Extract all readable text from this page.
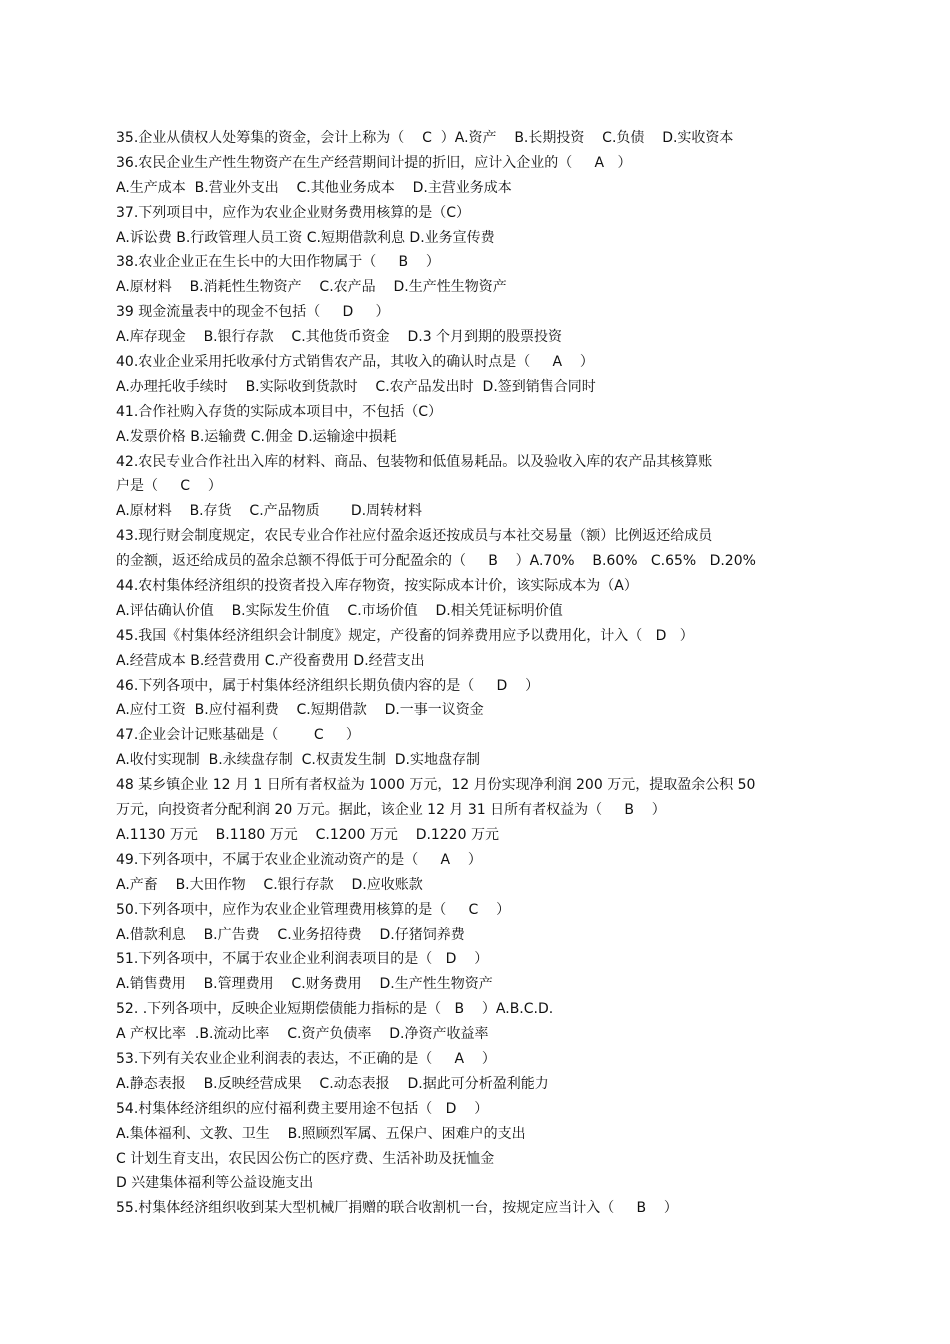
35.企业从债权人处筹集的资金，会计上称为（    C  ）A.资产    B.长期投资    C.负债    D.实收资本
36.农民企业生产性生物资产在生产经营期间计提的折旧，应计入企业的（     A   ）
A.生产成本  B.营业外支出    C.其他业务成本    D.主营业务成本
37.下列项目中，应作为农业企业财务费用核算的是（C）
A.诉讼费 B.行政管理人员工资 C.短期借款利息 D.业务宣传费
38.农业企业正在生长中的大田作物属于（     B    ）
A.原材料    B.消耗性生物资产    C.农产品    D.生产性生物资产
39 现金流量表中的现金不包括（     D     ）
A.库存现金    B.银行存款    C.其他货币资金    D.3 个月到期的股票投资
40.农业企业采用托收承付方式销售农产品，其收入的确认时点是（     A    ）
A.办理托收手续时    B.实际收到货款时    C.农产品发出时  D.签到销售合同时
41.合作社购入存货的实际成本项目中，不包括（C）
A.发票价格 B.运输费 C.佣金 D.运输途中损耗
42.农民专业合作社出入库的材料、商品、包装物和低值易耗品。以及验收入库的农产品其核算账
户是（     C    ）
A.原材料    B.存货    C.产品物质       D.周转材料
43.现行财会制度规定，农民专业合作社应付盈余返还按成员与本社交易量（额）比例返还给成员
的金额，返还给成员的盈余总额不得低于可分配盈余的（     B    ）A.70%    B.60%   C.65%   D.20%
44.农村集体经济组织的投资者投入库存物资，按实际成本计价，该实际成本为（A）
A.评估确认价值    B.实际发生价值    C.市场价值    D.相关凭证标明价值
45.我国《村集体经济组织会计制度》规定，产役畜的饲养费用应予以费用化，计入（   D   ）
A.经营成本 B.经营费用 C.产役畜费用 D.经营支出
46.下列各项中，属于村集体经济组织长期负债内容的是（     D    ）
A.应付工资  B.应付福利费    C.短期借款    D.一事一议资金
47.企业会计记账基础是（        C     ）
A.收付实现制  B.永续盘存制  C.权责发生制  D.实地盘存制
48 某乡镇企业 12 月 1 日所有者权益为 1000 万元，12 月份实现净利润 200 万元，提取盈余公积 50
万元，向投资者分配利润 20 万元。据此，该企业 12 月 31 日所有者权益为（     B    ）
A.1130 万元    B.1180 万元    C.1200 万元    D.1220 万元
49.下列各项中，不属于农业企业流动资产的是（     A    ）
A.产畜    B.大田作物    C.银行存款    D.应收账款
50.下列各项中，应作为农业企业管理费用核算的是（     C    ）
A.借款利息    B.广告费    C.业务招待费    D.仔猪饲养费
51.下列各项中，不属于农业企业利润表项目的是（   D    ）
A.销售费用    B.管理费用    C.财务费用    D.生产性生物资产
52. .下列各项中，反映企业短期偿债能力指标的是（   B    ）A.B.C.D.
A 产权比率  .B.流动比率    C.资产负债率    D.净资产收益率
53.下列有关农业企业利润表的表达，不正确的是（     A    ）
A.静态表报    B.反映经营成果    C.动态表报    D.据此可分析盈利能力
54.村集体经济组织的应付福利费主要用途不包括（   D    ）
A.集体福利、文教、卫生    B.照顾烈军属、五保户、困难户的支出
C 计划生育支出，农民因公伤亡的医疗费、生活补助及抚恤金
D 兴建集体福利等公益设施支出
55.村集体经济组织收到某大型机械厂捐赠的联合收割机一台，按规定应当计入（     B    ）
